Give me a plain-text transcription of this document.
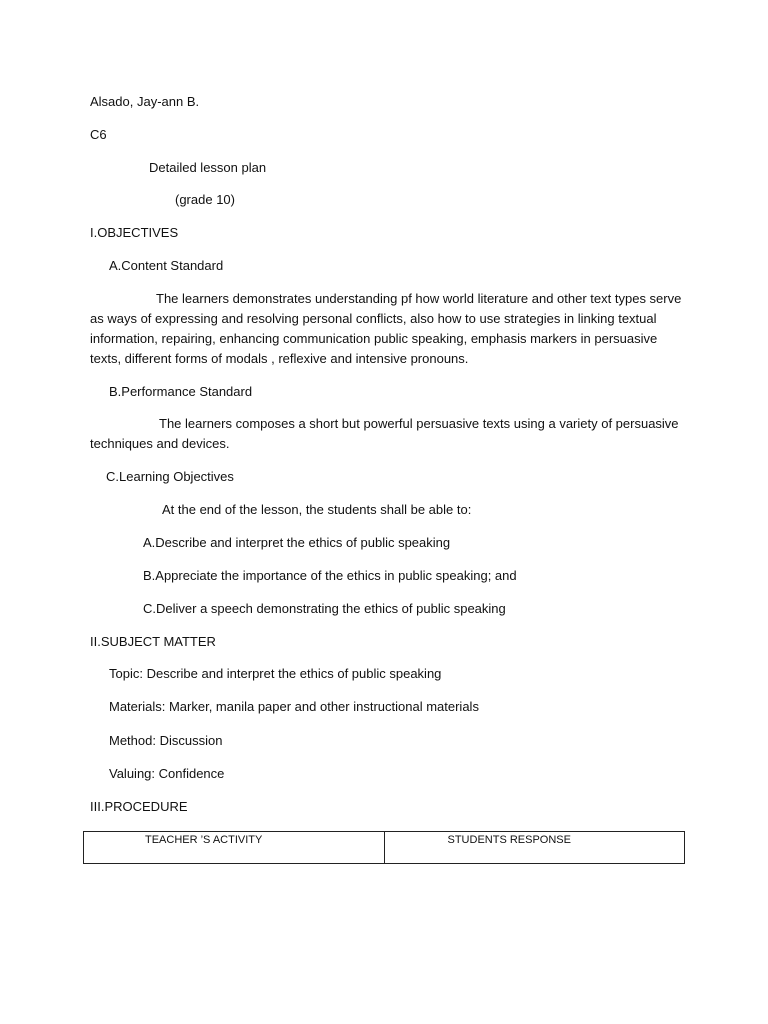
Alsado, Jay-ann B.
C6
Detailed lesson plan
(grade 10)
I.OBJECTIVES
A.Content Standard
The learners demonstrates understanding pf how world literature and other text types serve as ways of expressing and resolving personal conflicts, also how to use strategies in linking textual information, repairing, enhancing communication public speaking, emphasis markers in persuasive texts, different forms of modals , reflexive and intensive pronouns.
B.Performance Standard
The learners composes a short but powerful persuasive texts using a variety of persuasive techniques and devices.
C.Learning Objectives
At the end of the lesson, the students shall be able to:
A.Describe and interpret the ethics of public speaking
B.Appreciate the importance of the ethics in public speaking; and
C.Deliver a speech demonstrating the ethics of public speaking
II.SUBJECT MATTER
Topic: Describe and interpret the ethics of public speaking
Materials: Marker, manila paper and other instructional materials
Method: Discussion
Valuing: Confidence
III.PROCEDURE
TEACHER ’S ACTIVITY	STUDENTS RESPONSE
